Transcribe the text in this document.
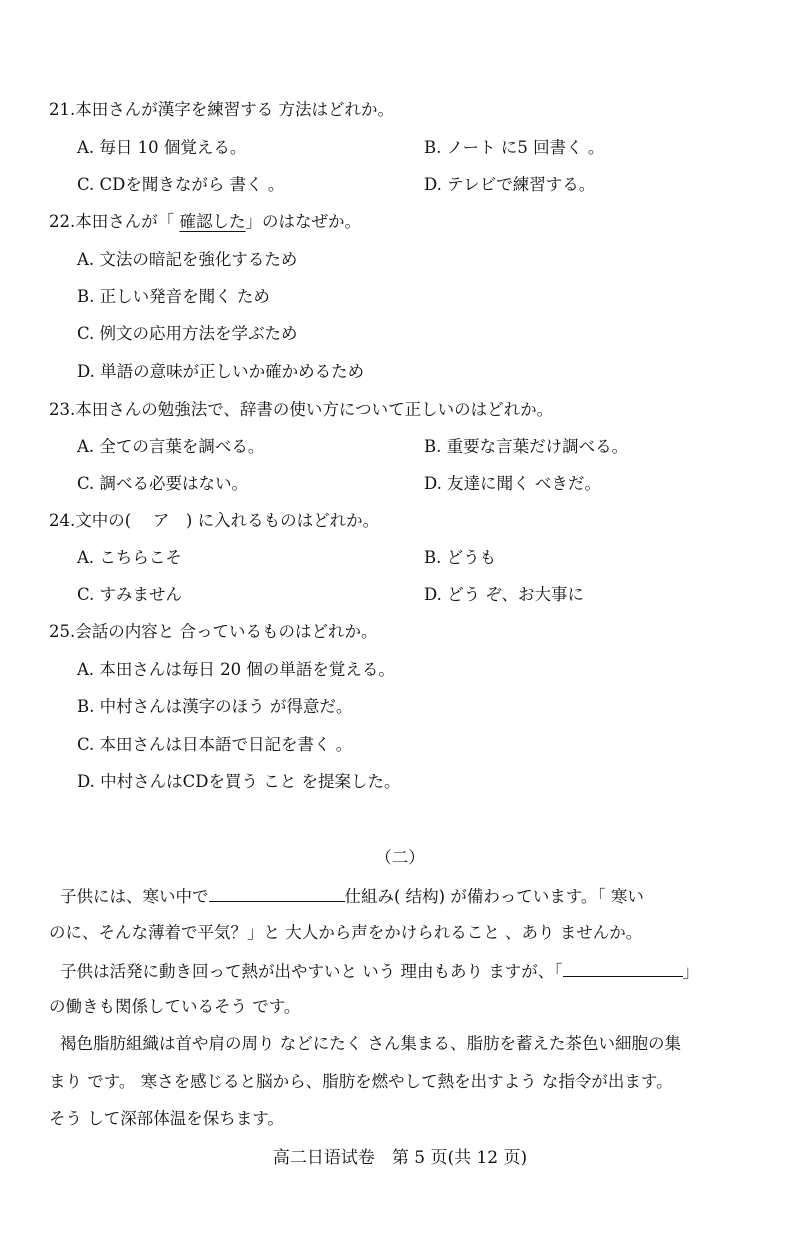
21.本田さんが漢字を練習する 方法はどれか。
A. 毎日 10 個覚える。	B. ノート に5 回書く 。
C. CDを聞きながら 書く 。	D. テレビで練習する。
22.本田さんが「 確認した」のはなぜか。
A. 文法の暗記を強化するため
B. 正しい発音を聞く ため
C. 例文の応用方法を学ぶため
D. 単語の意味が正しいか確かめるため
23.本田さんの勉強法で、辞書の使い方について正しいのはどれか。
A. 全ての言葉を調べる。	B. 重要な言葉だけ調べる。
C. 調べる必要はない。	D. 友達に聞く べきだ。
24.文中の(　 ア　) に入れるものはどれか。
A. こちらこそ	B. どうも
C. すみません	D. どう ぞ、お大事に
25.会話の内容と 合っているものはどれか。
A. 本田さんは毎日 20 個の単語を覚える。
B. 中村さんは漢字のほう が得意だ。
C. 本田さんは日本語で日記を書く 。
D. 中村さんはCDを買う こと を提案した。
（二）
子供には、寒い中で	仕組み( 结构) が備わっています。「 寒い
のに、そんな薄着で平気？」と 大人から声をかけられること 、あり ませんか。
子供は活発に動き回って熱が出やすいと いう 理由もあり ますが、「	」
の働きも関係しているそう です。
褐色脂肪組織は首や肩の周り などにたく さん集まる、脂肪を蓄えた茶色い細胞の集
まり です。 寒さを感じると脳から、脂肪を燃やして熱を出すよう な指令が出ます。
そう して深部体温を保ちます。
高二日语试卷　第 5 页(共 12 页)
